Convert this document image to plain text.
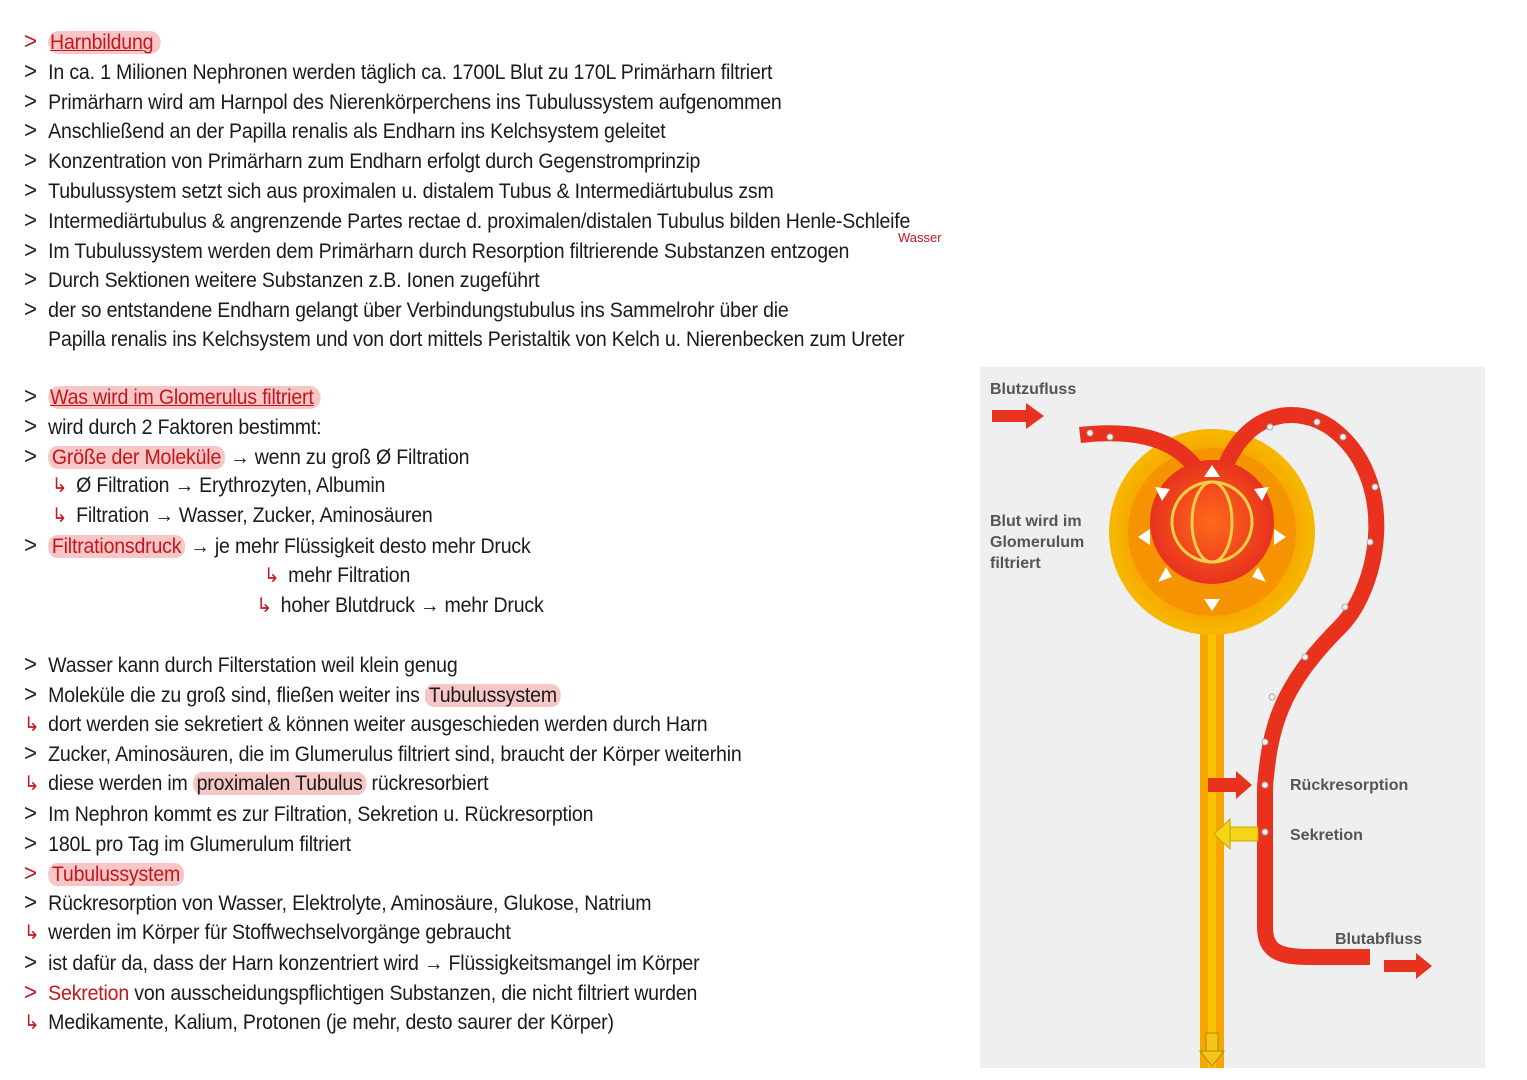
> Harnbildung
> In ca. 1 Milionen Nephronen werden täglich ca. 1700L Blut zu 170L Primärharn filtriert
> Primärharn wird am Harnpol des Nierenkörperchens ins Tubulussystem aufgenommen
> Anschließend an der Papilla renalis als Endharn ins Kelchsystem geleitet
> Konzentration von Primärharn zum Endharn erfolgt durch Gegenstromprinzip
> Tubulussystem setzt sich aus proximalen u. distalem Tubus & Intermediärtubulus zsm
> Intermediärtubulus & angrenzende Partes rectae d. proximalen/distalen Tubulus bilden Henle-Schleife
> Im Tubulussystem werden dem Primärharn durch Resorption filtrierende Substanzen entzogen
> Durch Sektionen weitere Substanzen z.B. Ionen zugeführt
> der so entstandene Endharn gelangt über Verbindungstubulus ins Sammelrohr über die
Papilla renalis ins Kelchsystem und von dort mittels Peristaltik von Kelch u. Nierenbecken zum Ureter
Wasser
> Was wird im Glomerulus filtriert
> wird durch 2 Faktoren bestimmt:
> Größe der Moleküle → wenn zu groß Ø Filtration
↳ Ø Filtration → Erythrozyten, Albumin
↳ Filtration → Wasser, Zucker, Aminosäuren
> Filtrationsdruck → je mehr Flüssigkeit desto mehr Druck
↳ mehr Filtration
↳ hoher Blutdruck → mehr Druck
> Wasser kann durch Filterstation weil klein genug
> Moleküle die zu groß sind, fließen weiter ins Tubulussystem
↳ dort werden sie sekretiert & können weiter ausgeschieden werden durch Harn
> Zucker, Aminosäuren, die im Glumerulus filtriert sind, braucht der Körper weiterhin
↳ diese werden im proximalen Tubulus rückresorbiert
> Im Nephron kommt es zur Filtration, Sekretion u. Rückresorption
> 180L pro Tag im Glumerulum filtriert
> Tubulussystem
> Rückresorption von Wasser, Elektrolyte, Aminosäure, Glukose, Natrium
↳ werden im Körper für Stoffwechselvorgänge gebraucht
> ist dafür da, dass der Harn konzentriert wird → Flüssigkeitsmangel im Körper
> Sekretion von ausscheidungspflichtigen Substanzen, die nicht filtriert wurden
↳ Medikamente, Kalium, Protonen (je mehr, desto saurer der Körper)
Blutzufluss
Blut wird im Glomerulum filtriert
Rückresorption
Sekretion
Blutabfluss
